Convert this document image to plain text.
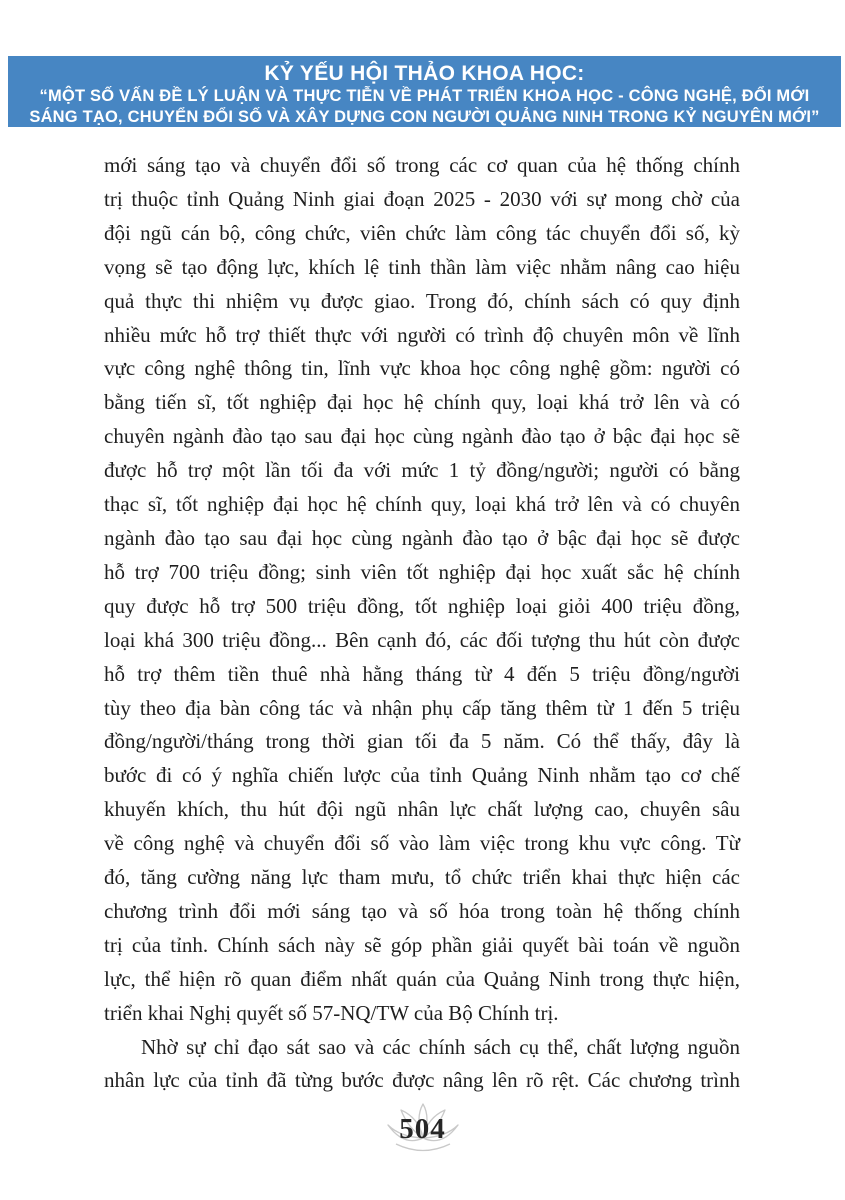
KỶ YẾU HỘI THẢO KHOA HỌC:
“MỘT SỐ VẤN ĐỀ LÝ LUẬN VÀ THỰC TIỄN VỀ PHÁT TRIỂN KHOA HỌC - CÔNG NGHỆ, ĐỔI MỚI
SÁNG TẠO, CHUYỂN ĐỔI SỐ VÀ XÂY DỰNG CON NGƯỜI QUẢNG NINH TRONG KỶ NGUYÊN MỚI”
mới sáng tạo và chuyển đổi số trong các cơ quan của hệ thống chính
trị thuộc tỉnh Quảng Ninh giai đoạn 2025 - 2030 với sự mong chờ của
đội ngũ cán bộ, công chức, viên chức làm công tác chuyển đổi số, kỳ
vọng sẽ tạo động lực, khích lệ tinh thần làm việc nhằm nâng cao hiệu
quả thực thi nhiệm vụ được giao. Trong đó, chính sách có quy định
nhiều mức hỗ trợ thiết thực với người có trình độ chuyên môn về lĩnh
vực công nghệ thông tin, lĩnh vực khoa học công nghệ gồm: người có
bằng tiến sĩ, tốt nghiệp đại học hệ chính quy, loại khá trở lên và có
chuyên ngành đào tạo sau đại học cùng ngành đào tạo ở bậc đại học sẽ
được hỗ trợ một lần tối đa với mức 1 tỷ đồng/người; người có bằng
thạc sĩ, tốt nghiệp đại học hệ chính quy, loại khá trở lên và có chuyên
ngành đào tạo sau đại học cùng ngành đào tạo ở bậc đại học sẽ được
hỗ trợ 700 triệu đồng; sinh viên tốt nghiệp đại học xuất sắc hệ chính
quy được hỗ trợ 500 triệu đồng, tốt nghiệp loại giỏi 400 triệu đồng,
loại khá 300 triệu đồng... Bên cạnh đó, các đối tượng thu hút còn được
hỗ trợ thêm tiền thuê nhà hằng tháng từ 4 đến 5 triệu đồng/người
tùy theo địa bàn công tác và nhận phụ cấp tăng thêm từ 1 đến 5 triệu
đồng/người/tháng trong thời gian tối đa 5 năm. Có thể thấy, đây là
bước đi có ý nghĩa chiến lược của tỉnh Quảng Ninh nhằm tạo cơ chế
khuyến khích, thu hút đội ngũ nhân lực chất lượng cao, chuyên sâu
về công nghệ và chuyển đổi số vào làm việc trong khu vực công. Từ
đó, tăng cường năng lực tham mưu, tổ chức triển khai thực hiện các
chương trình đổi mới sáng tạo và số hóa trong toàn hệ thống chính
trị của tỉnh. Chính sách này sẽ góp phần giải quyết bài toán về nguồn
lực, thể hiện rõ quan điểm nhất quán của Quảng Ninh trong thực hiện,
triển khai Nghị quyết số 57-NQ/TW của Bộ Chính trị.
Nhờ sự chỉ đạo sát sao và các chính sách cụ thể, chất lượng nguồn
nhân lực của tỉnh đã từng bước được nâng lên rõ rệt. Các chương trình
504
